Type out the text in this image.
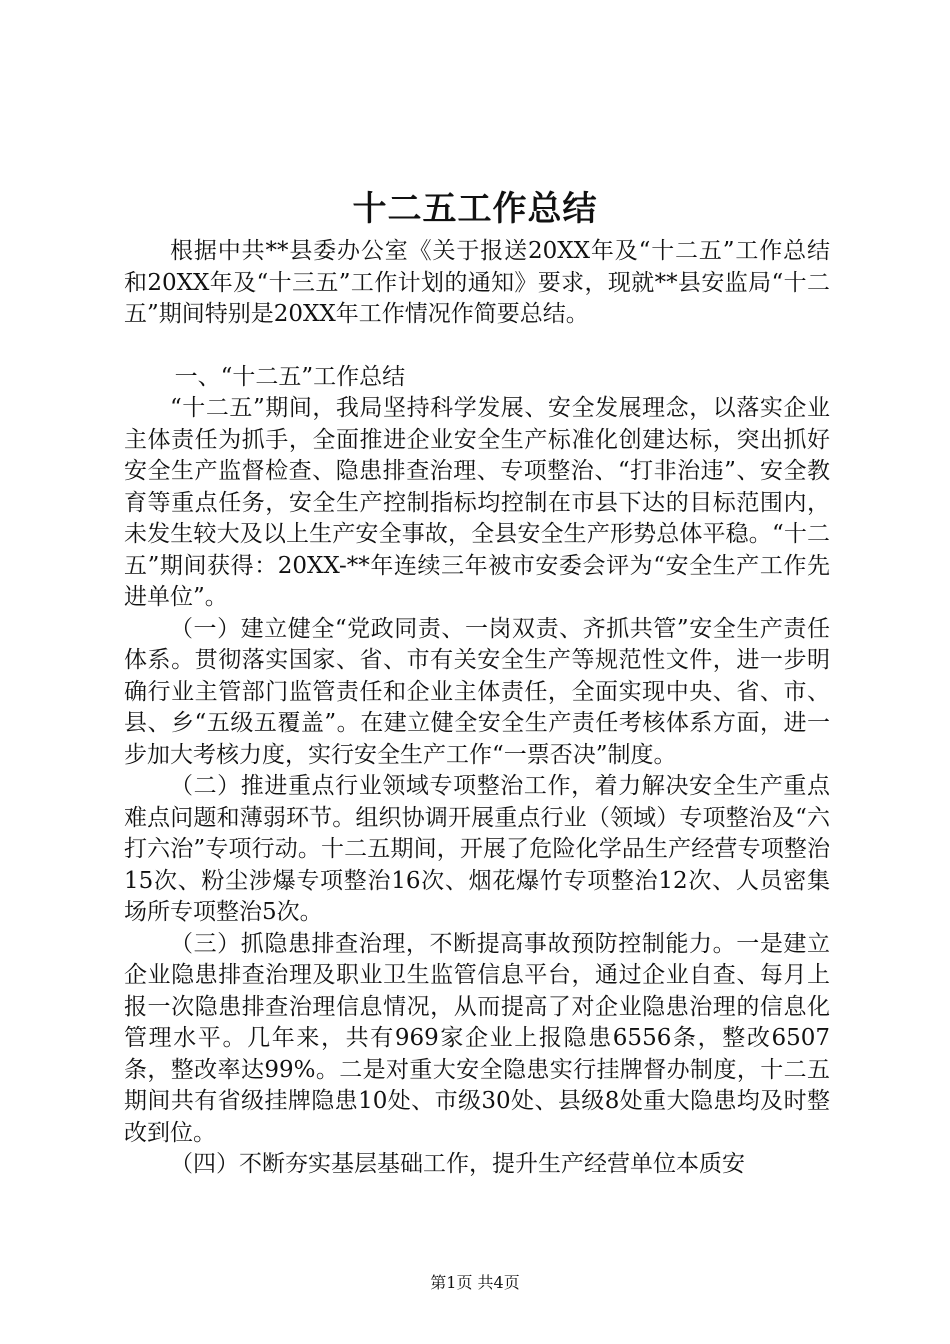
十二五工作总结

根据中共**县委办公室《关于报送20XX年及“十二五”工作总结和20XX年及“十三五”工作计划的通知》要求，现就**县安监局“十二五”期间特别是20XX年工作情况作简要总结。

一、“十二五”工作总结

“十二五”期间，我局坚持科学发展、安全发展理念，以落实企业主体责任为抓手，全面推进企业安全生产标准化创建达标，突出抓好安全生产监督检查、隐患排查治理、专项整治、“打非治违”、安全教育等重点任务，安全生产控制指标均控制在市县下达的目标范围内，未发生较大及以上生产安全事故，全县安全生产形势总体平稳。“十二五”期间获得：20XX-**年连续三年被市安委会评为“安全生产工作先进单位”。

（一）建立健全“党政同责、一岗双责、齐抓共管”安全生产责任体系。贯彻落实国家、省、市有关安全生产等规范性文件，进一步明确行业主管部门监管责任和企业主体责任，全面实现中央、省、市、县、乡“五级五覆盖”。在建立健全安全生产责任考核体系方面，进一步加大考核力度，实行安全生产工作“一票否决”制度。

（二）推进重点行业领域专项整治工作，着力解决安全生产重点难点问题和薄弱环节。组织协调开展重点行业（领域）专项整治及“六打六治”专项行动。十二五期间，开展了危险化学品生产经营专项整治15次、粉尘涉爆专项整治16次、烟花爆竹专项整治12次、人员密集场所专项整治5次。

（三）抓隐患排查治理，不断提高事故预防控制能力。一是建立企业隐患排查治理及职业卫生监管信息平台，通过企业自查、每月上报一次隐患排查治理信息情况，从而提高了对企业隐患治理的信息化管理水平。几年来，共有969家企业上报隐患6556条，整改6507条，整改率达99%。二是对重大安全隐患实行挂牌督办制度，十二五期间共有省级挂牌隐患10处、市级30处、县级8处重大隐患均及时整改到位。

（四）不断夯实基层基础工作，提升生产经营单位本质安

第1页 共4页
